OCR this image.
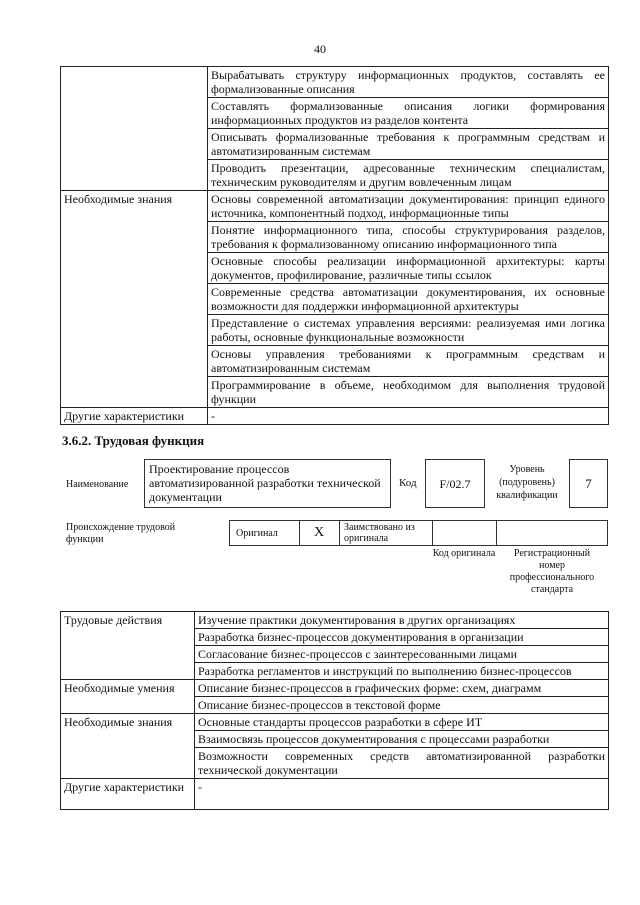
40
	Вырабатывать структуру информационных продуктов, составлять ее формализованные описания
	Составлять формализованные описания логики формирования информационных продуктов из разделов контента
	Описывать формализованные требования к программным средствам и автоматизированным системам
	Проводить презентации, адресованные техническим специалистам, техническим руководителям и другим вовлеченным лицам
Необходимые знания	Основы современной автоматизации документирования: принцип единого источника, компонентный подход, информационные типы
	Понятие информационного типа, способы структурирования разделов, требования к формализованному описанию информационного типа
	Основные способы реализации информационной архитектуры: карты документов, профилирование, различные типы ссылок
	Современные средства автоматизации документирования, их основные возможности для поддержки информационной архитектуры
	Представление о системах управления версиями: реализуемая ими логика работы, основные функциональные возможности
	Основы управления требованиями к программным средствам и автоматизированным системам
	Программирование в объеме, необходимом для выполнения трудовой функции
Другие характеристики	-
3.6.2. Трудовая функция
Наименование
Проектирование процессов автоматизированной разработки технической документации
Код	F/02.7
Уровень (подуровень) квалификации
7
Происхождение трудовой функции
Оригинал	X	Заимствовано из оригинала
Код оригинала	Регистрационный номер профессионального стандарта
Трудовые действия	Изучение практики документирования в других организациях
	Разработка бизнес-процессов документирования в организации
	Согласование бизнес-процессов с заинтересованными лицами
	Разработка регламентов и инструкций по выполнению бизнес-процессов
Необходимые умения	Описание бизнес-процессов в графических форме: схем, диаграмм
	Описание бизнес-процессов в текстовой форме
Необходимые знания	Основные стандарты процессов разработки в сфере ИТ
	Взаимосвязь процессов документирования с процессами разработки
	Возможности современных средств автоматизированной разработки технической документации
Другие характеристики	-
